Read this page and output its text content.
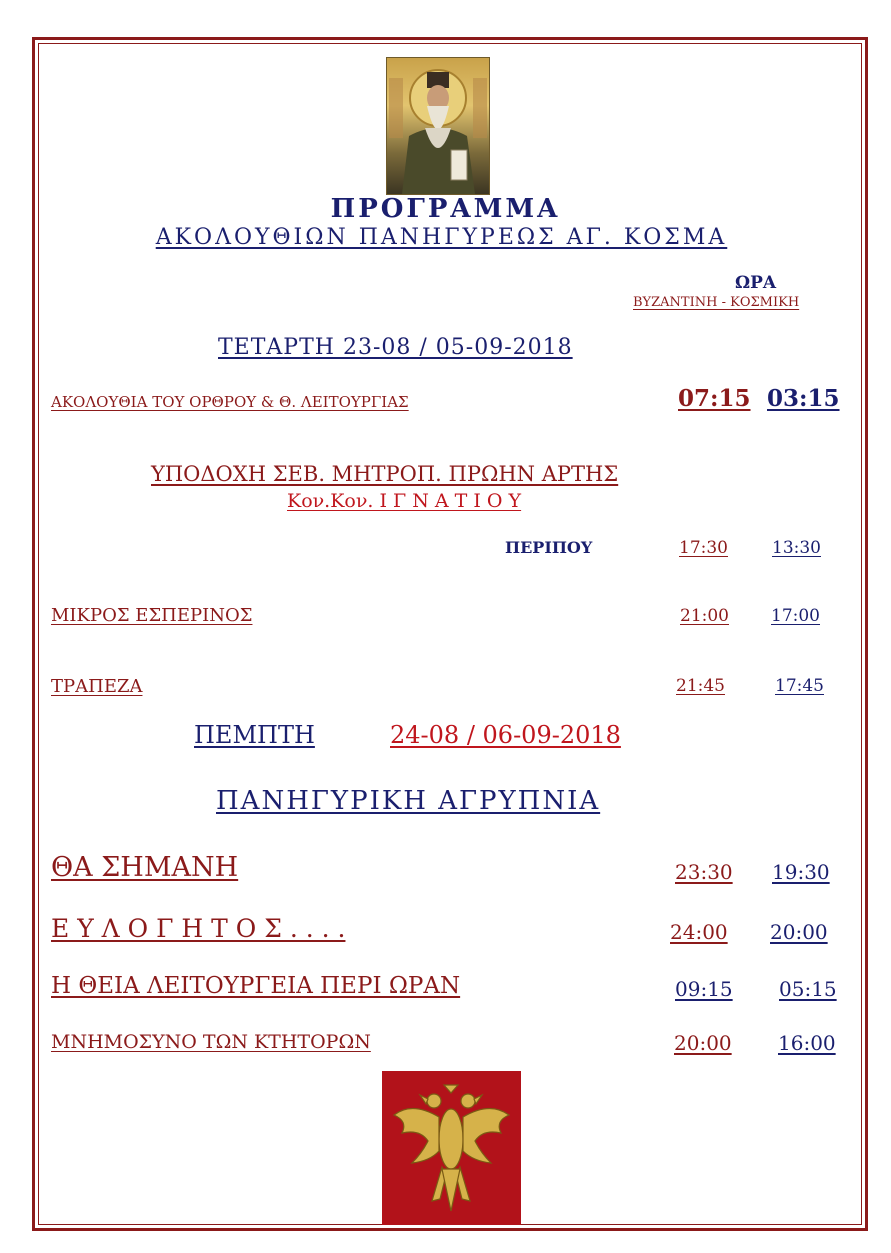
ΠΡΟΓΡΑΜΜΑ
ΑΚΟΛΟΥΘΙΩΝ ΠΑΝΗΓΥΡΕΩΣ ΑΓ. ΚΟΣΜΑ
ΩΡΑ
ΒΥΖΑΝΤΙΝΗ - ΚΟΣΜΙΚΗ
ΤΕΤΑΡΤΗ 23-08 / 05-09-2018
ΑΚΟΛΟΥΘΙΑ ΤΟΥ ΟΡΘΡΟΥ & Θ. ΛΕΙΤΟΥΡΓΙΑΣ	07:15 03:15
ΥΠΟΔΟΧΗ ΣΕΒ. ΜΗΤΡΟΠ. ΠΡΩΗΝ ΑΡΤΗΣ
Κον.Κον. Ι Γ Ν Α Τ Ι Ο Υ
ΠΕΡΙΠΟΥ	17:30	13:30
ΜΙΚΡΟΣ ΕΣΠΕΡΙΝΟΣ	21:00 17:00
ΤΡΑΠΕΖΑ	21:45	17:45
ΠΕΜΠΤΗ	24-08 / 06-09-2018
ΠΑΝΗΓΥΡΙΚΗ ΑΓΡΥΠΝΙΑ
ΘΑ ΣΗΜΑΝΗ	23:30 19:30
Ε Υ Λ Ο Γ Η Τ Ο Σ . . . .	24:00 20:00
Η ΘΕΙΑ ΛΕΙΤΟΥΡΓΕΙΑ ΠΕΡΙ ΩΡΑΝ	09:15 05:15
ΜΝΗΜΟΣΥΝΟ ΤΩΝ ΚΤΗΤΟΡΩΝ	20:00 16:00
